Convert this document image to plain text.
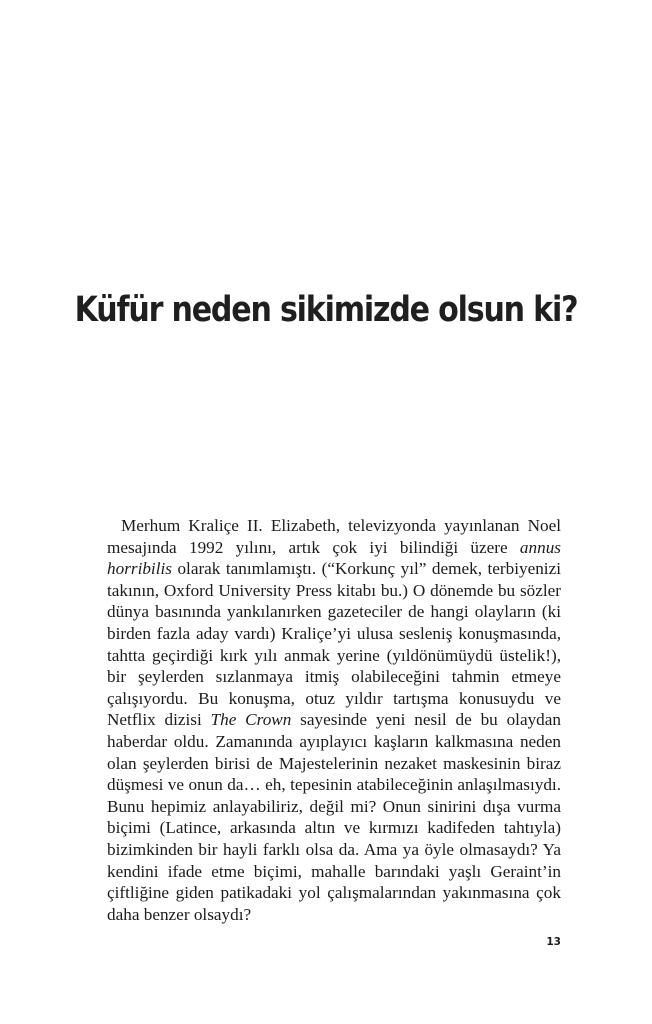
Küfür neden sikimizde olsun ki?

Merhum Kraliçe II. Elizabeth, televizyonda yayınlanan Noel mesajında 1992 yılını, artık çok iyi bilindiği üzere annus horribilis olarak tanımlamıştı. (“Korkunç yıl” demek, terbiyenizi takının, Oxford University Press kitabı bu.) O dönemde bu sözler dünya basınında yankılanırken gazeteciler de hangi olayların (ki birden fazla aday vardı) Kraliçe’yi ulusa sesleniş konuşmasında, tahtta geçirdiği kırk yılı anmak yerine (yıldönümüydü üstelik!), bir şeylerden sızlanmaya itmiş olabileceğini tahmin etmeye çalışıyordu. Bu konuşma, otuz yıldır tartışma konusuydu ve Netflix dizisi The Crown sayesinde yeni nesil de bu olaydan haberdar oldu. Zamanında ayıplayıcı kaşların kalkmasına neden olan şeylerden birisi de Majestelerinin nezaket maskesinin biraz düşmesi ve onun da… eh, tepesinin atabileceğinin anlaşılmasıydı. Bunu hepimiz anlayabiliriz, değil mi? Onun sinirini dışa vurma biçimi (Latince, arkasında altın ve kırmızı kadifeden tahtıyla) bizimkinden bir hayli farklı olsa da. Ama ya öyle olmasaydı? Ya kendini ifade etme biçimi, mahalle barındaki yaşlı Geraint’in çiftliğine giden patikadaki yol çalışmalarından yakınmasına çok daha benzer olsaydı?

13
